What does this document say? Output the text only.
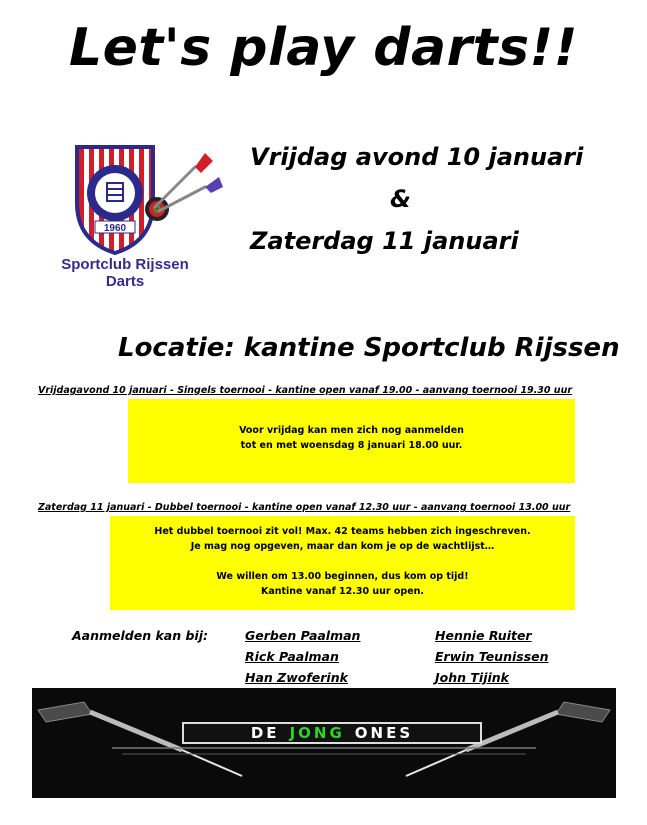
Let's play darts!!
1960
Sportclub Rijssen
Darts
Vrijdag avond 10 januari
&
Zaterdag 11 januari
Locatie: kantine Sportclub Rijssen
Vrijdagavond 10 januari - Singels toernooi - kantine open vanaf 19.00 - aanvang toernooi 19.30 uur
Voor vrijdag kan men zich nog aanmelden
tot en met woensdag 8 januari 18.00 uur.
Zaterdag 11 januari - Dubbel toernooi - kantine open vanaf 12.30 uur - aanvang toernooi 13.00 uur
Het dubbel toernooi zit vol! Max. 42 teams hebben zich ingeschreven.
Je mag nog opgeven, maar dan kom je op de wachtlijst…
We willen om 13.00 beginnen, dus kom op tijd!
Kantine vanaf 12.30 uur open.
Aanmelden kan bij:	Gerben Paalman
Rick Paalman
Han Zwoferink
Hennie Ruiter
Erwin Teunissen
John Tijink
DE JONG ONES
